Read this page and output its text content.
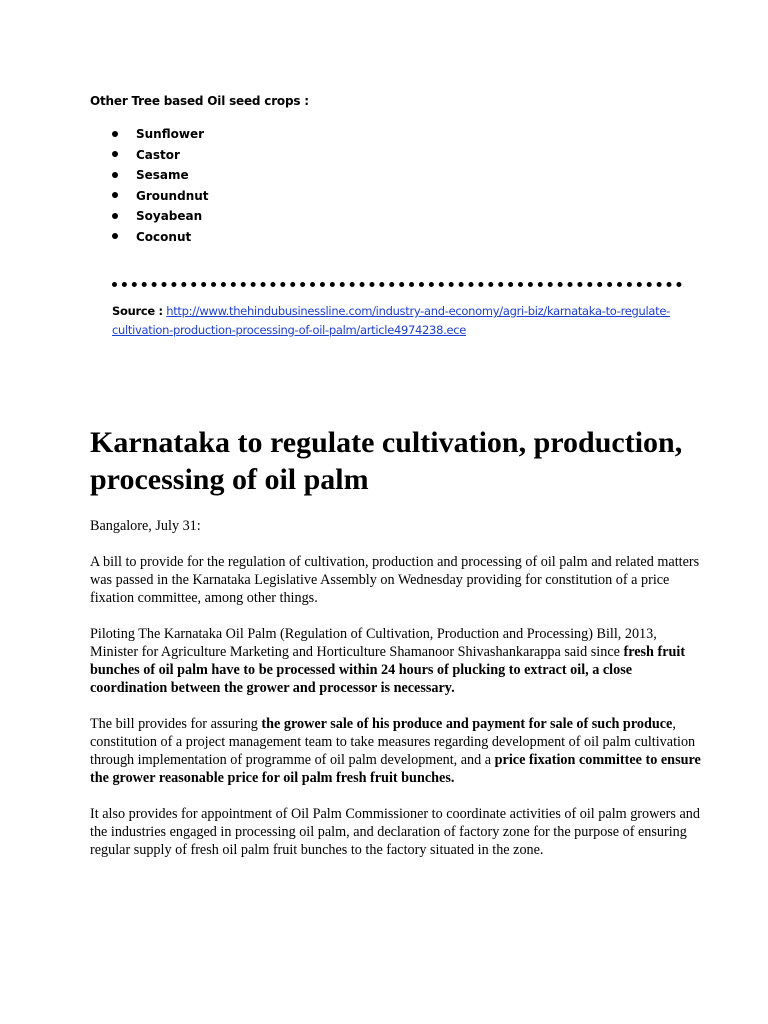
Other Tree based Oil seed crops :
Sunflower
Castor
Sesame
Groundnut
Soyabean
Coconut
Source : http://www.thehindubusinessline.com/industry-and-economy/agri-biz/karnataka-to-regulate-cultivation-production-processing-of-oil-palm/article4974238.ece
Karnataka to regulate cultivation, production, processing of oil palm

Bangalore, July 31:

A bill to provide for the regulation of cultivation, production and processing of oil palm and related matters was passed in the Karnataka Legislative Assembly on Wednesday providing for constitution of a price fixation committee, among other things.

Piloting The Karnataka Oil Palm (Regulation of Cultivation, Production and Processing) Bill, 2013, Minister for Agriculture Marketing and Horticulture Shamanoor Shivashankarappa said since fresh fruit bunches of oil palm have to be processed within 24 hours of plucking to extract oil, a close coordination between the grower and processor is necessary.

The bill provides for assuring the grower sale of his produce and payment for sale of such produce, constitution of a project management team to take measures regarding development of oil palm cultivation through implementation of programme of oil palm development, and a price fixation committee to ensure the grower reasonable price for oil palm fresh fruit bunches.

It also provides for appointment of Oil Palm Commissioner to coordinate activities of oil palm growers and the industries engaged in processing oil palm, and declaration of factory zone for the purpose of ensuring regular supply of fresh oil palm fruit bunches to the factory situated in the zone.
